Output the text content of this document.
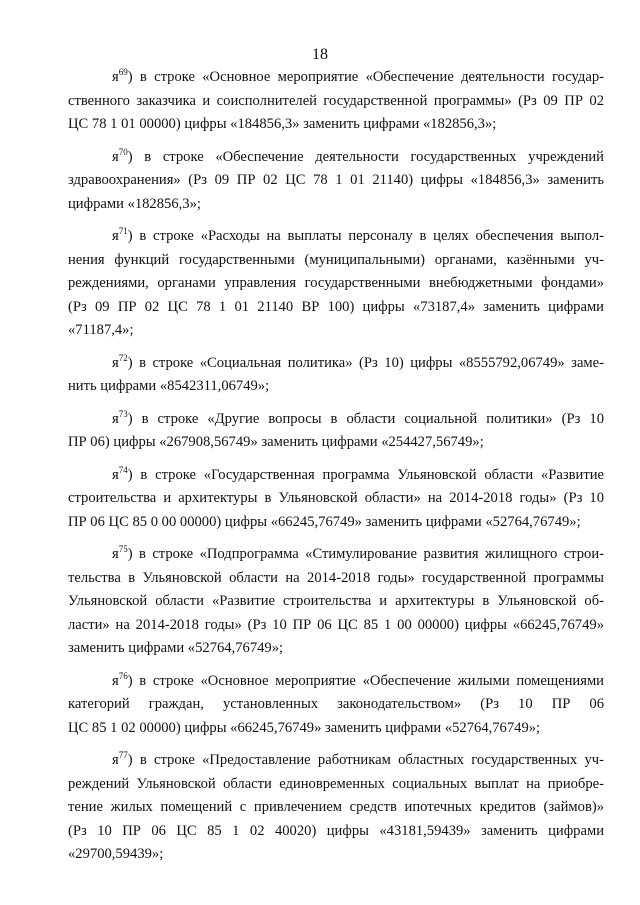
18

$я^{69}$) в строке «Основное мероприятие «Обеспечение деятельности государ-
ственного заказчика и соисполнителей государственной программы» (Рз 09 ПР 02
ЦС 78 1 01 00000) цифры «184856,3» заменить цифрами «182856,3»;

$я^{70}$) в строке «Обеспечение деятельности государственных учреждений
здравоохранения» (Рз 09 ПР 02 ЦС 78 1 01 21140) цифры «184856,3» заменить
цифрами «182856,3»;

$я^{71}$) в строке «Расходы на выплаты персоналу в целях обеспечения выпол-
нения функций государственными (муниципальными) органами, казёнными уч-
реждениями, органами управления государственными внебюджетными фондами»
(Рз 09 ПР 02 ЦС 78 1 01 21140 ВР 100) цифры «73187,4» заменить цифрами
«71187,4»;

$я^{72}$) в строке «Социальная политика» (Рз 10) цифры «8555792,06749» заме-
нить цифрами «8542311,06749»;

$я^{73}$) в строке «Другие вопросы в области социальной политики» (Рз 10
ПР 06) цифры «267908,56749» заменить цифрами «254427,56749»;

$я^{74}$) в строке «Государственная программа Ульяновской области «Развитие
строительства и архитектуры в Ульяновской области» на 2014-2018 годы» (Рз 10
ПР 06 ЦС 85 0 00 00000) цифры «66245,76749» заменить цифрами «52764,76749»;

$я^{75}$) в строке «Подпрограмма «Стимулирование развития жилищного строи-
тельства в Ульяновской области на 2014-2018 годы» государственной программы
Ульяновской области «Развитие строительства и архитектуры в Ульяновской об-
ласти» на 2014-2018 годы» (Рз 10 ПР 06 ЦС 85 1 00 00000) цифры «66245,76749»
заменить цифрами «52764,76749»;

$я^{76}$) в строке «Основное мероприятие «Обеспечение жилыми помещениями
категорий граждан, установленных законодательством» (Рз 10 ПР 06
ЦС 85 1 02 00000) цифры «66245,76749» заменить цифрами «52764,76749»;

$я^{77}$) в строке «Предоставление работникам областных государственных уч-
реждений Ульяновской области единовременных социальных выплат на приобре-
тение жилых помещений с привлечением средств ипотечных кредитов (займов)»
(Рз 10 ПР 06 ЦС 85 1 02 40020) цифры «43181,59439» заменить цифрами
«29700,59439»;
